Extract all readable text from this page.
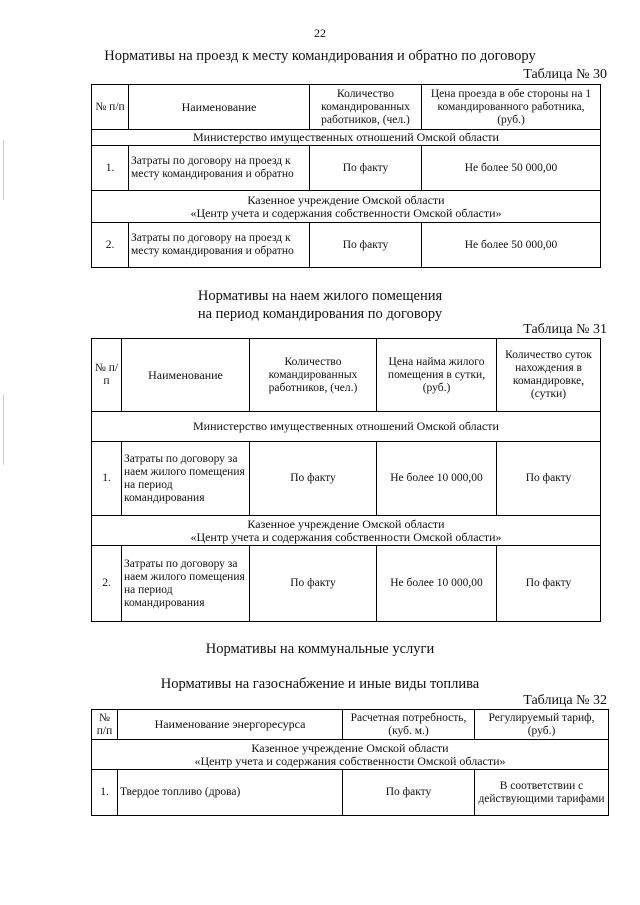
22
Нормативы на проезд к месту командирования и обратно по договору
Таблица № 30
№ п/п	Наименование	Количество командированных работников, (чел.)	Цена проезда в обе стороны на 1 командированного работника, (руб.)
Министерство имущественных отношений Омской области			
1.	Затраты по договору на проезд к месту командирования и обратно	По факту	Не более 50 000,00

Казенное учреждение Омской области
«Центр учета и содержания собственности Омской области»			

2.	Затраты по договору на проезд к месту командирования и обратно	По факту	Не более 50 000,00
Нормативы на наем жилого помещения
на период командирования по договору
Таблица № 31
№ п/п	Наименование	Количество командированных работников, (чел.)	Цена найма жилого помещения в сутки, (руб.)	Количество суток нахождения в командировке, (сутки)
Министерство имущественных отношений Омской области				
1.	Затраты по договору за наем жилого помещения на период командирования	По факту	Не более 10 000,00	По факту

Казенное учреждение Омской области
«Центр учета и содержания собственности Омской области»				

2.	Затраты по договору за наем жилого помещения на период командирования	По факту	Не более 10 000,00	По факту
Нормативы на коммунальные услуги
Нормативы на газоснабжение и иные виды топлива
Таблица № 32
№ п/п	Наименование энергоресурса	Расчетная потребность, (куб. м.)	Регулируемый тариф, (руб.)

Казенное учреждение Омской области
«Центр учета и содержания собственности Омской области»			

1.	Твердое топливо (дрова)	По факту	В соответствии с действующими тарифами
